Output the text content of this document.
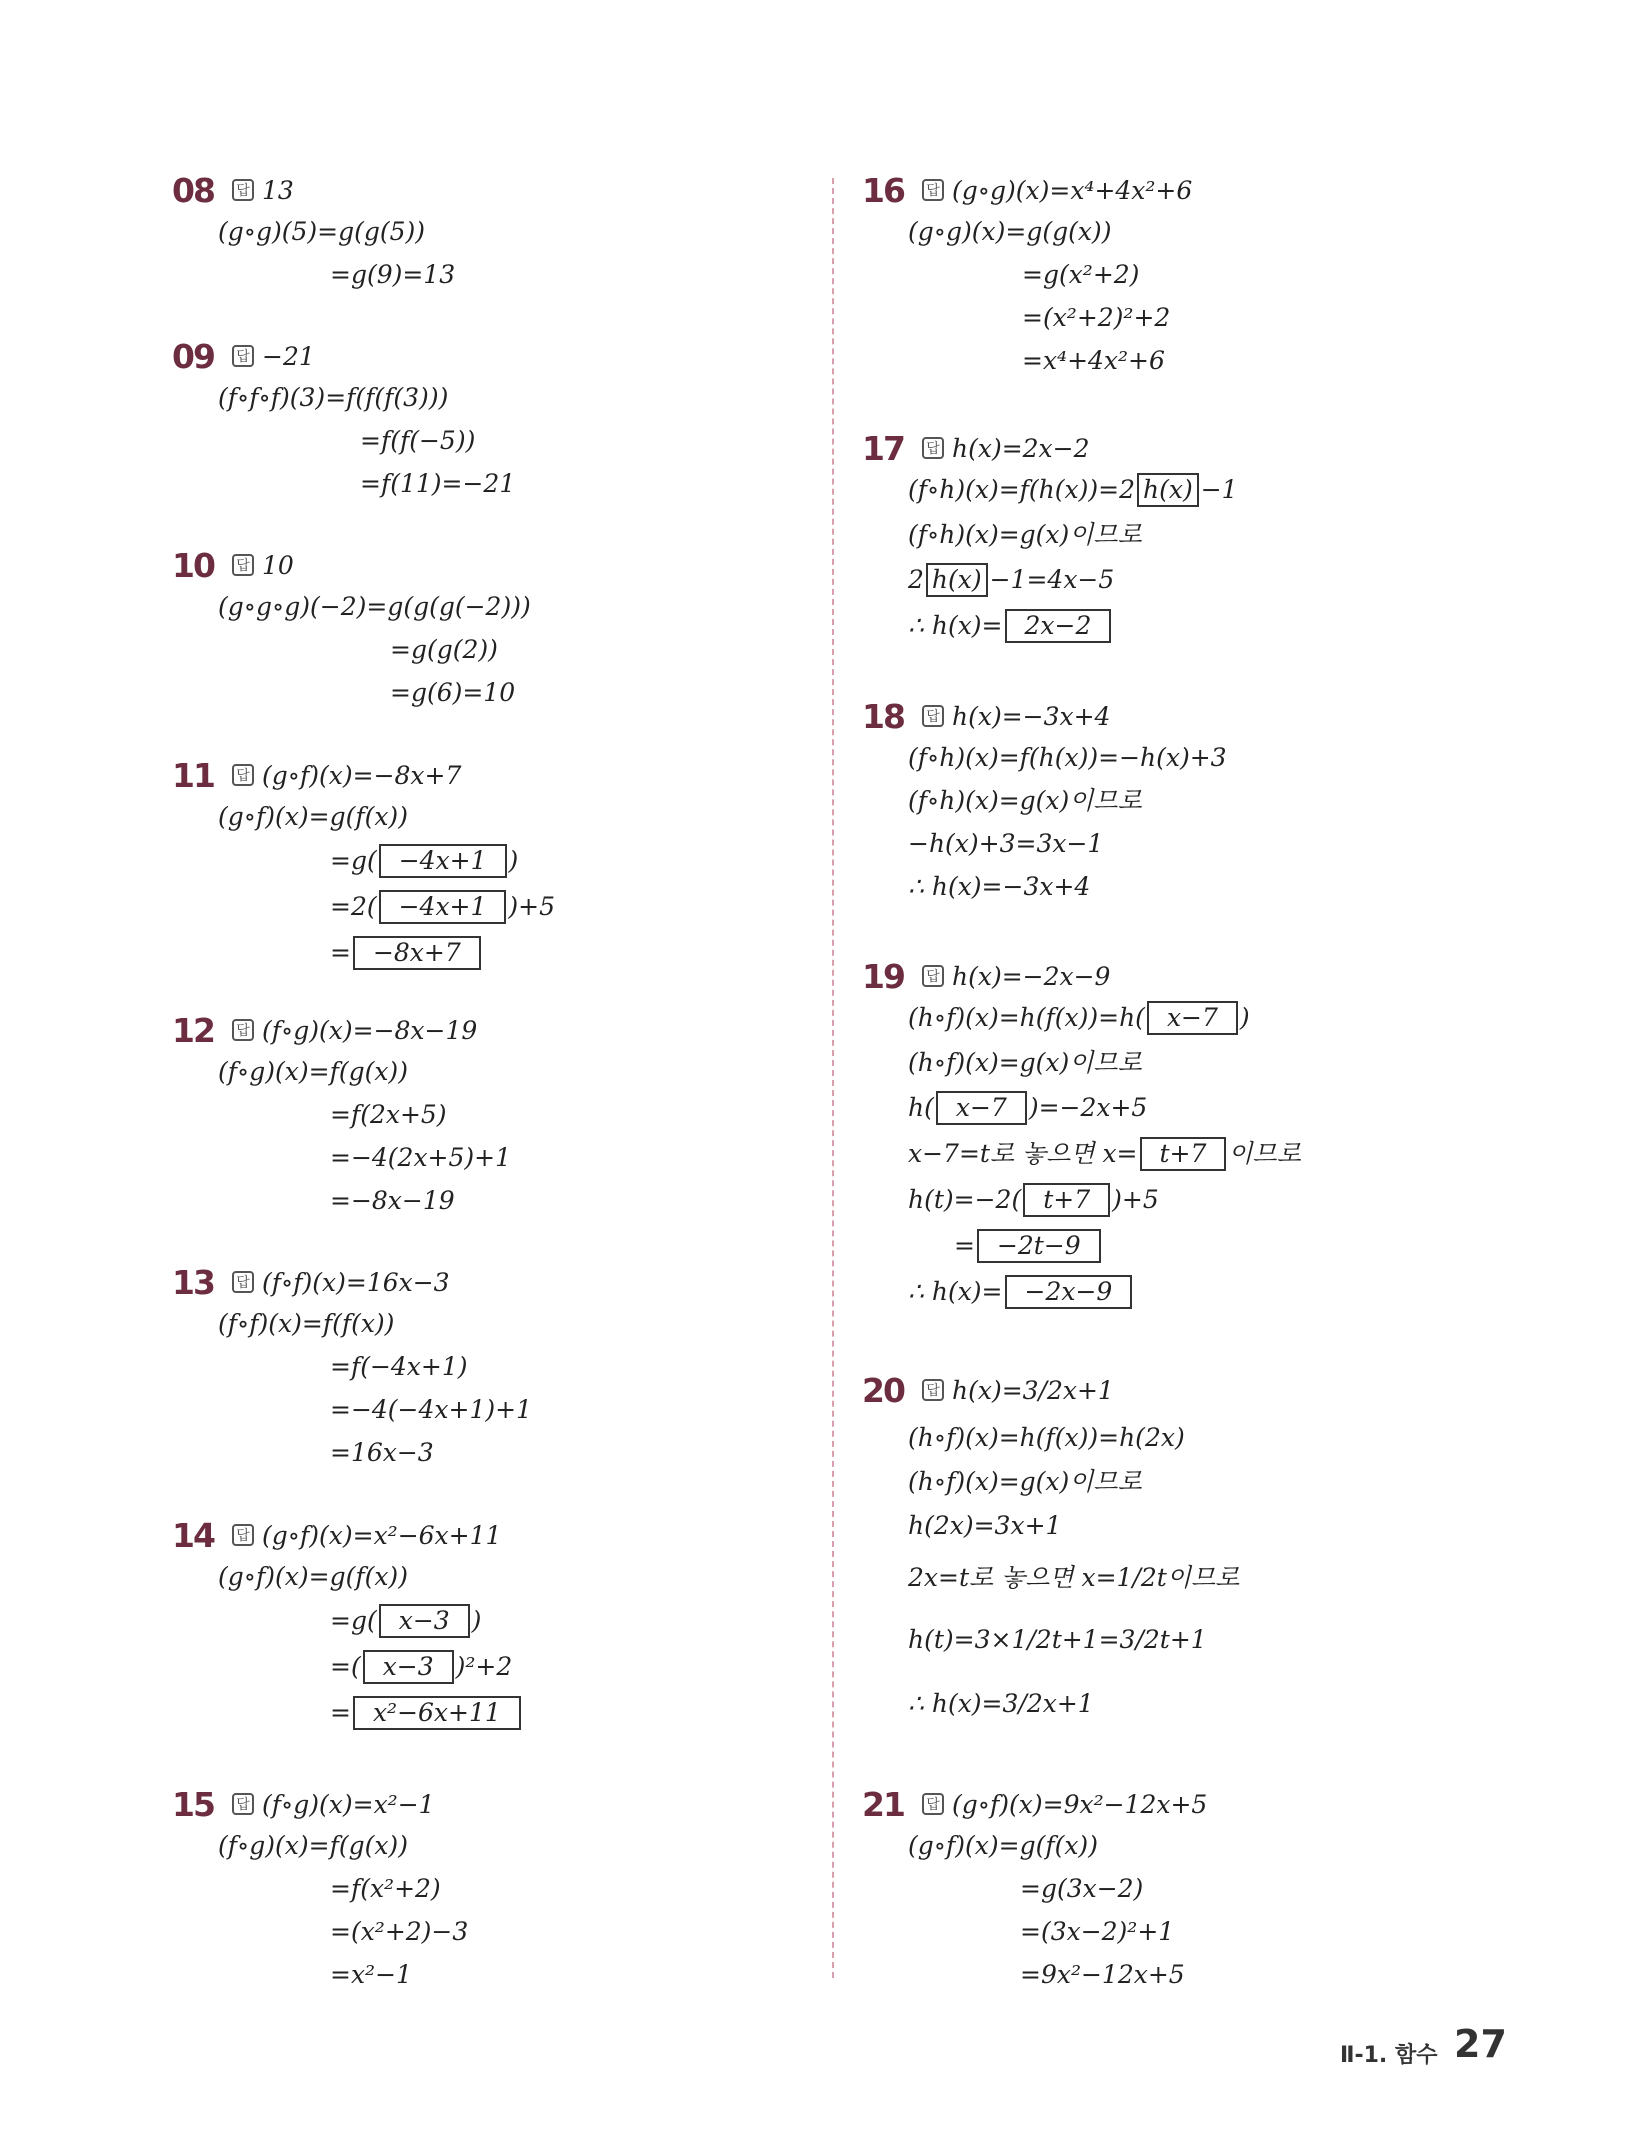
08	답 13
(g∘g)(5)=g(g(5))
=g(9)=13
09	답 −21
(f∘f∘f)(3)=f(f(f(3)))
=f(f(−5))
=f(11)=−21
10	답 10
(g∘g∘g)(−2)=g(g(g(−2)))
=g(g(2))
=g(6)=10
11	답 (g∘f)(x)=−8x+7
(g∘f)(x)=g(f(x))
=g( −4x+1 )
=2( −4x+1 )+5
= −8x+7
12	답 (f∘g)(x)=−8x−19
(f∘g)(x)=f(g(x))
=f(2x+5)
=−4(2x+5)+1
=−8x−19
13	답 (f∘f)(x)=16x−3
(f∘f)(x)=f(f(x))
=f(−4x+1)
=−4(−4x+1)+1
=16x−3
14	답 (g∘f)(x)=x²−6x+11
(g∘f)(x)=g(f(x))
=g( x−3 )
=( x−3 )²+2
= x²−6x+11
15	답 (f∘g)(x)=x²−1
(f∘g)(x)=f(g(x))
=f(x²+2)
=(x²+2)−3
=x²−1
16	답 (g∘g)(x)=x⁴+4x²+6
(g∘g)(x)=g(g(x))
=g(x²+2)
=(x²+2)²+2
=x⁴+4x²+6
17	답 h(x)=2x−2
(f∘h)(x)=f(h(x))=2 h(x) −1
(f∘h)(x)=g(x)이므로
2 h(x) −1=4x−5
∴ h(x)= 2x−2
18	답 h(x)=−3x+4
(f∘h)(x)=f(h(x))=−h(x)+3
(f∘h)(x)=g(x)이므로
−h(x)+3=3x−1
∴ h(x)=−3x+4
19	답 h(x)=−2x−9
(h∘f)(x)=h(f(x))=h( x−7 )
(h∘f)(x)=g(x)이므로
h( x−7 )=−2x+5
x−7=t로 놓으면 x= t+7 이므로
h(t)=−2( t+7 )+5
= −2t−9
∴ h(x)= −2x−9
20	답 h(x)=3/2x+1
(h∘f)(x)=h(f(x))=h(2x)
(h∘f)(x)=g(x)이므로
h(2x)=3x+1
2x=t로 놓으면 x=1/2t이므로
h(t)=3×1/2t+1=3/2t+1
∴ h(x)=3/2x+1
21	답 (g∘f)(x)=9x²−12x+5
(g∘f)(x)=g(f(x))
=g(3x−2)
=(3x−2)²+1
=9x²−12x+5
Ⅱ-1. 함수 27
